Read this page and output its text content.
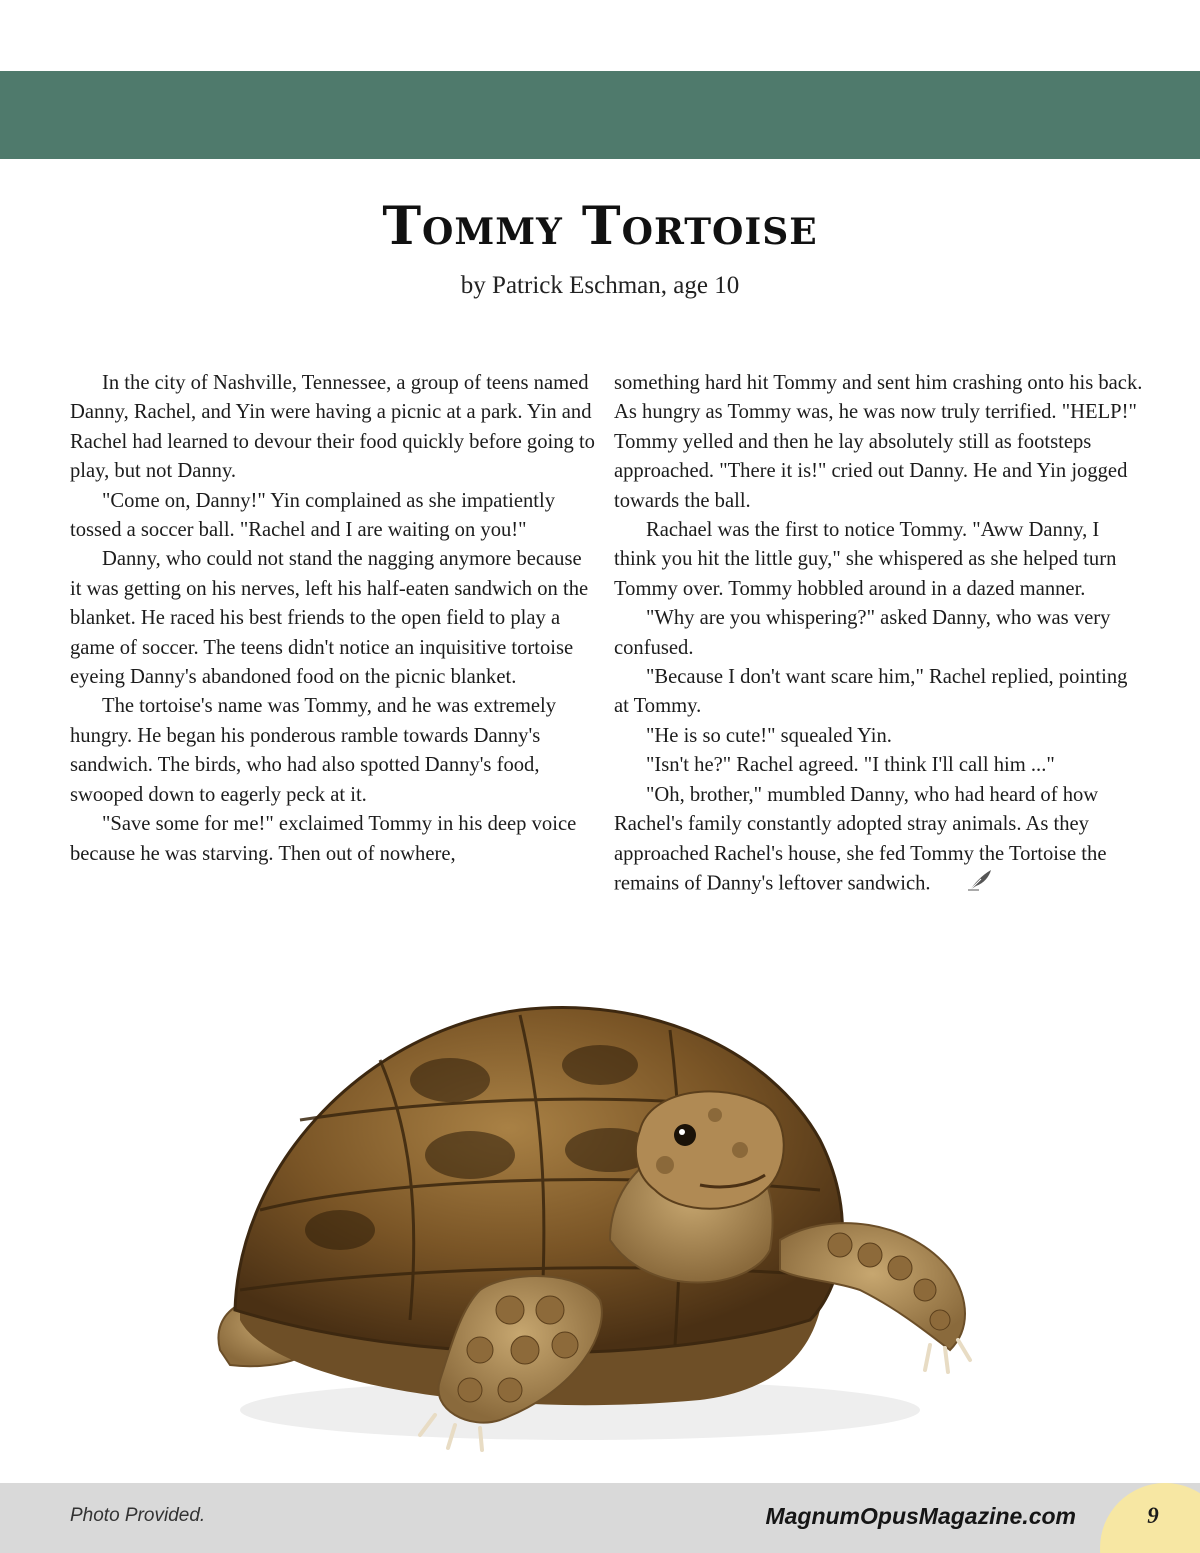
Tommy Tortoise
by Patrick Eschman, age 10

In the city of Nashville, Tennessee, a group of teens named Danny, Rachel, and Yin were having a picnic at a park. Yin and Rachel had learned to devour their food quickly before going to play, but not Danny.

"Come on, Danny!" Yin complained as she impatiently tossed a soccer ball. "Rachel and I are waiting on you!"

Danny, who could not stand the nagging anymore because it was getting on his nerves, left his half-eaten sandwich on the blanket. He raced his best friends to the open field to play a game of soccer. The teens didn't notice an inquisitive tortoise eyeing Danny's abandoned food on the picnic blanket.

The tortoise's name was Tommy, and he was extremely hungry. He began his ponderous ramble towards Danny's sandwich. The birds, who had also spotted Danny's food, swooped down to eagerly peck at it.

"Save some for me!" exclaimed Tommy in his deep voice because he was starving. Then out of nowhere,

something hard hit Tommy and sent him crashing onto his back. As hungry as Tommy was, he was now truly terrified. "HELP!" Tommy yelled and then he lay absolutely still as footsteps approached. "There it is!" cried out Danny. He and Yin jogged towards the ball.

Rachael was the first to notice Tommy. "Aww Danny, I think you hit the little guy," she whispered as she helped turn Tommy over. Tommy hobbled around in a dazed manner.

"Why are you whispering?" asked Danny, who was very confused.

"Because I don't want scare him," Rachel replied, pointing at Tommy.

"He is so cute!" squealed Yin.

"Isn't he?" Rachel agreed. "I think I'll call him ..."

"Oh, brother," mumbled Danny, who had heard of how Rachel's family constantly adopted stray animals. As they approached Rachel's house, she fed Tommy the Tortoise the remains of Danny's leftover sandwich.

Photo Provided.	MagnumOpusMagazine.com	9
